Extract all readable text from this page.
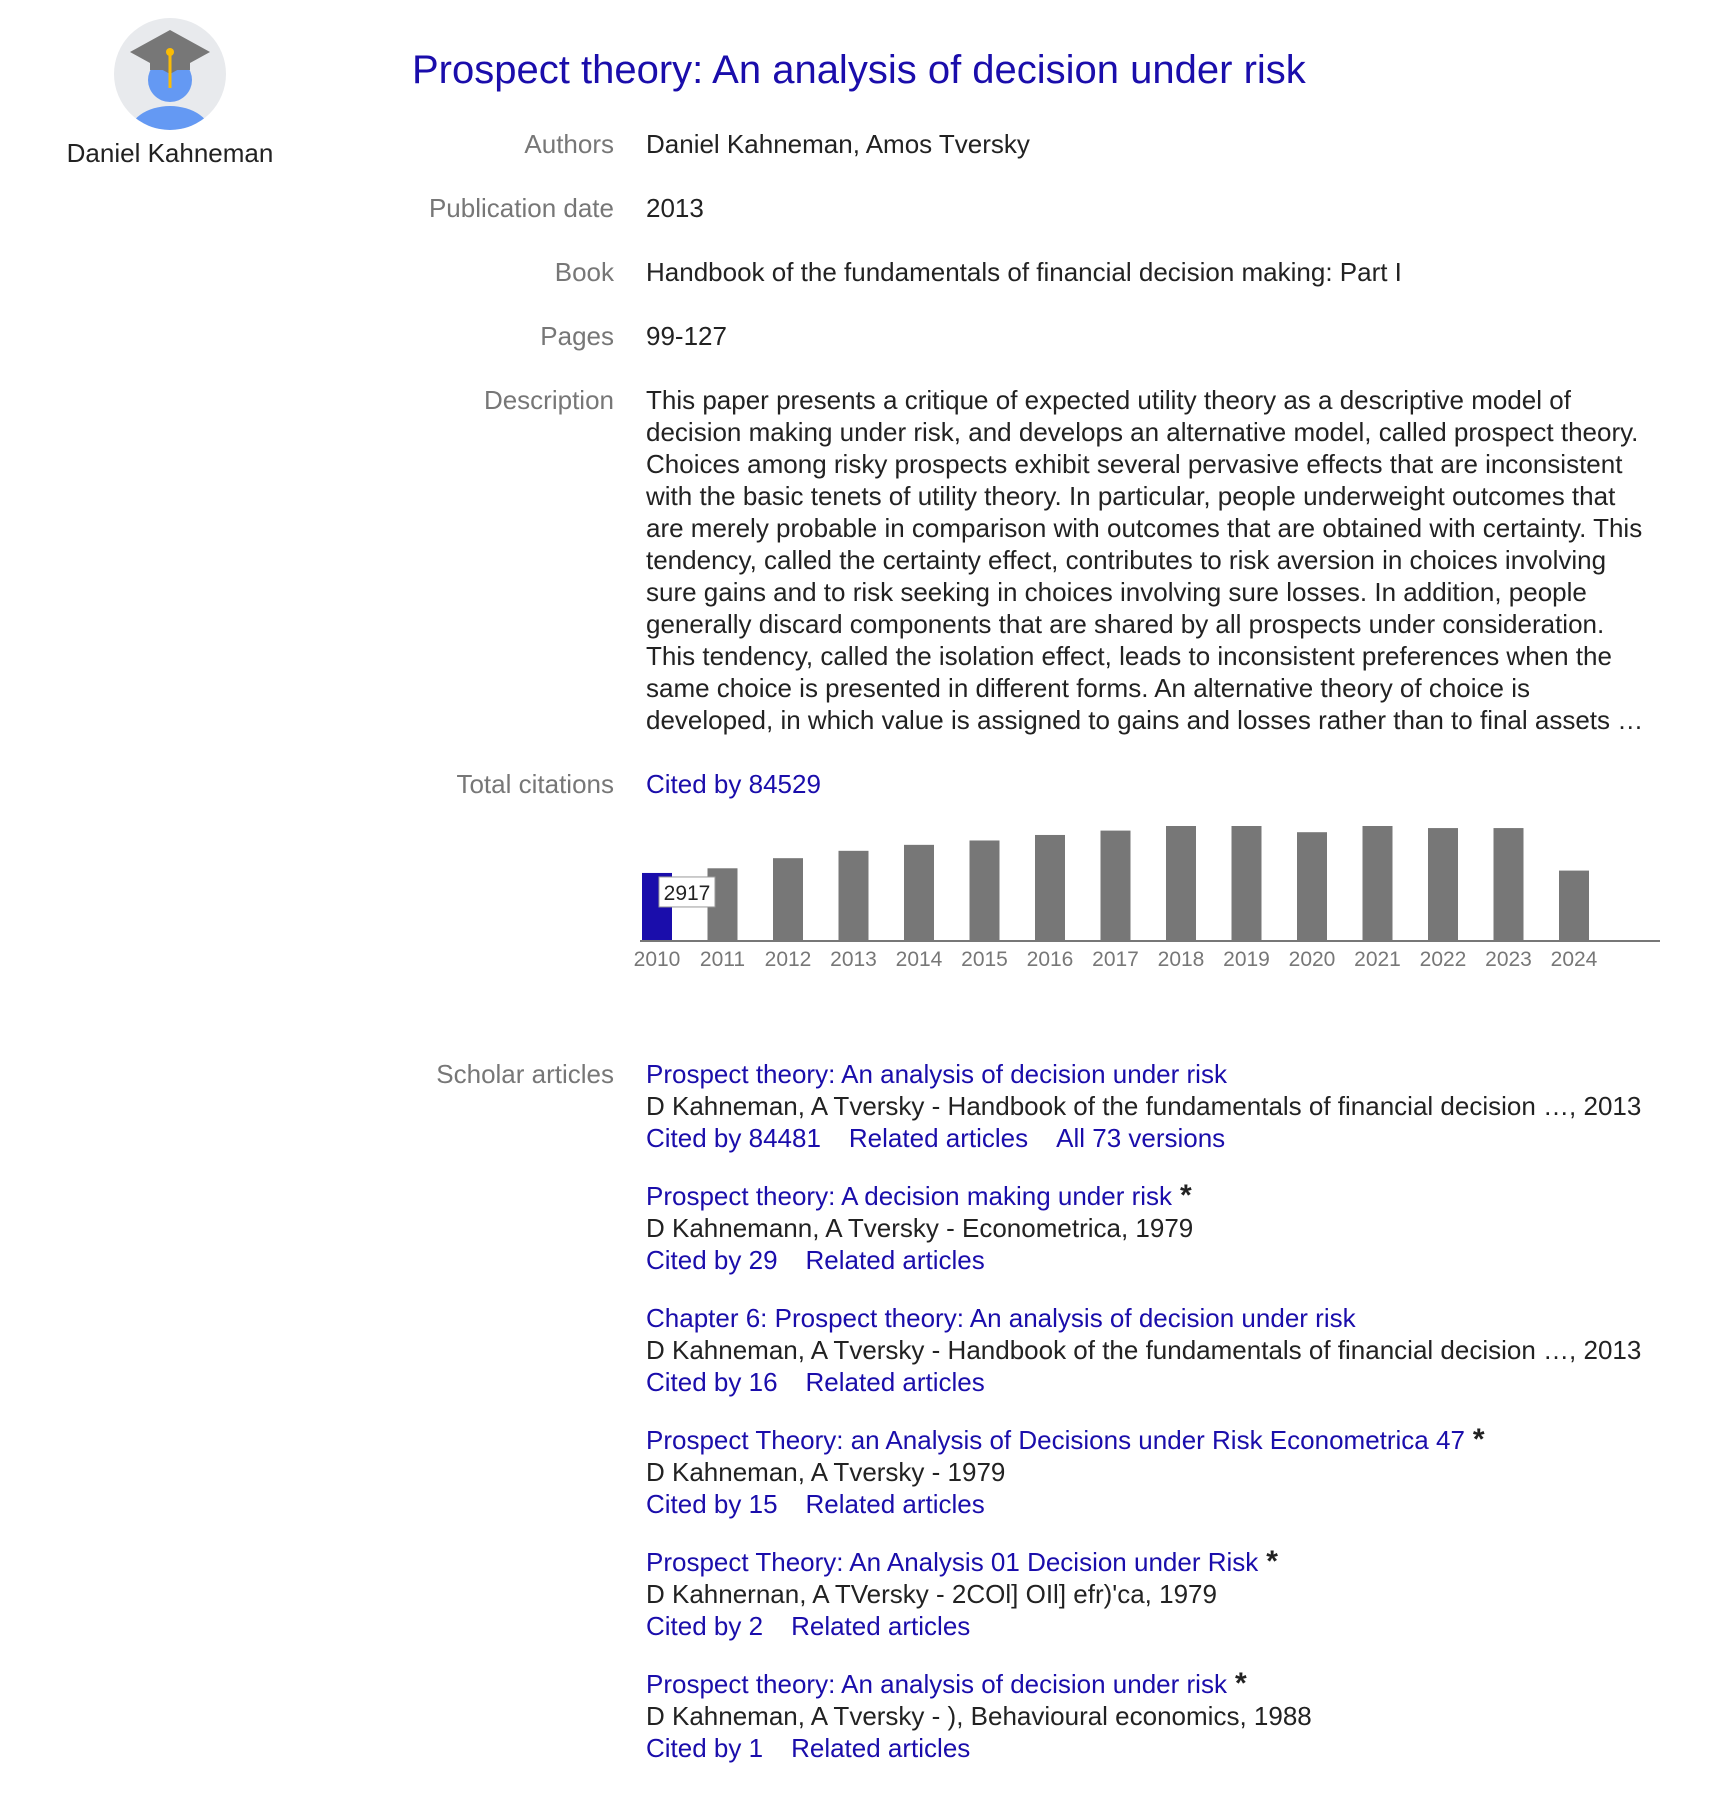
Daniel Kahneman
Prospect theory: An analysis of decision under risk
Authors Daniel Kahneman, Amos Tversky
Publication date 2013
Book Handbook of the fundamentals of financial decision making: Part I
Pages 99-127
Description This paper presents a critique of expected utility theory as a descriptive model of decision making under risk, and develops an alternative model, called prospect theory. Choices among risky prospects exhibit several pervasive effects that are inconsistent with the basic tenets of utility theory. In particular, people underweight outcomes that are merely probable in comparison with outcomes that are obtained with certainty. This tendency, called the certainty effect, contributes to risk aversion in choices involving sure gains and to risk seeking in choices involving sure losses. In addition, people generally discard components that are shared by all prospects under consideration. This tendency, called the isolation effect, leads to inconsistent preferences when the same choice is presented in different forms. An alternative theory of choice is developed, in which value is assigned to gains and losses rather than to final assets …
Total citations Cited by 84529
2010 2011 2012 2013 2014 2015 2016 2017 2018 2019 2020 2021 2022 2023 2024
2917
Scholar articles Prospect theory: An analysis of decision under risk
D Kahneman, A Tversky - Handbook of the fundamentals of financial decision …, 2013
Cited by 84481 Related articles All 73 versions
Prospect theory: A decision making under risk *
D Kahnemann, A Tversky - Econometrica, 1979
Cited by 29 Related articles
Chapter 6: Prospect theory: An analysis of decision under risk
D Kahneman, A Tversky - Handbook of the fundamentals of financial decision …, 2013
Cited by 16 Related articles
Prospect Theory: an Analysis of Decisions under Risk Econometrica 47 *
D Kahneman, A Tversky - 1979
Cited by 15 Related articles
Prospect Theory: An Analysis 01 Decision under Risk *
D Kahnernan, A TVersky - 2COl] OIl] efr)'ca, 1979
Cited by 2 Related articles
Prospect theory: An analysis of decision under risk *
D Kahneman, A Tversky - ), Behavioural economics, 1988
Cited by 1 Related articles
